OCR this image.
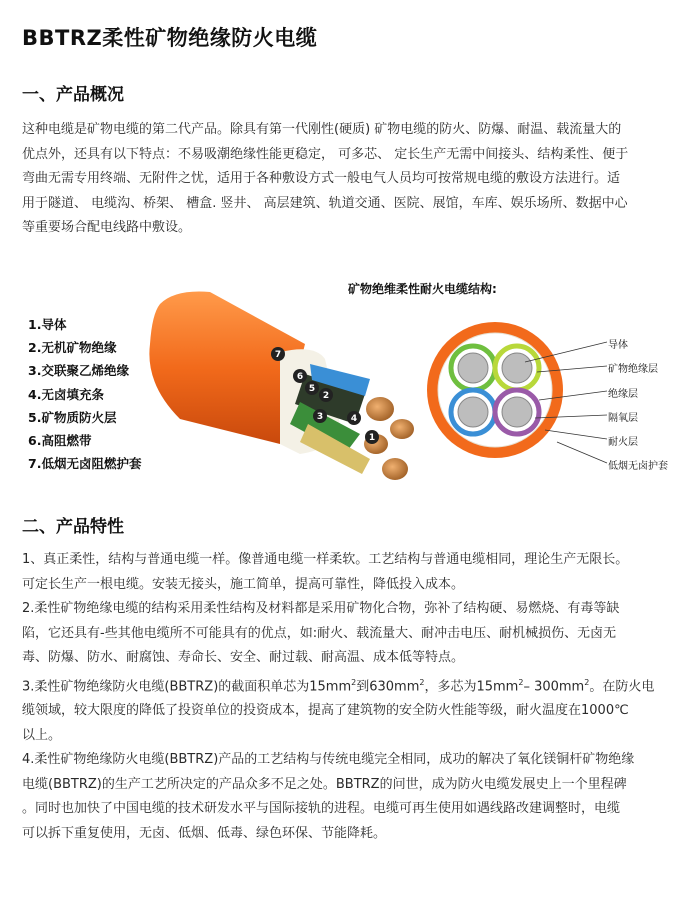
BBTRZ柔性矿物绝缘防火电缆
一、产品概况

这种电缆是矿物电缆的第二代产品。除具有第一代刚性(硬质) 矿物电缆的防火、防爆、耐温、载流量大的

优点外，还具有以下特点：不易吸潮绝缘性能更稳定， 可多芯、 定长生产无需中间接头、结构柔性、便于

弯曲无需专用终端、无附件之忧，适用于各种敷设方式一般电气人员均可按常规电缆的敷设方法进行。适

用于隧道、 电缆沟、桥架、 槽盒. 竖井、 高层建筑、轨道交通、医院、展馆，车库、娱乐场所、数据中心

等重要场合配电线路中敷设。

1.导体
2.无机矿物绝缘
3.交联聚乙烯绝缘
4.无卤填充条
5.矿物质防火层
6.高阻燃带
7.低烟无卤阻燃护套
矿物绝维柔性耐火电缆结构:
7
6
5
2
3	4
1
导体
矿物绝缘层
绝缘层
隔氧层
耐火层
低烟无卤护套
二、产品特性

1、真正柔性，结构与普通电缆一样。像普通电缆一样柔软。工艺结构与普通电缆相同，理论生产无限长。

可定长生产一根电缆。安装无接头，施工简单，提高可靠性，降低投入成本。

2.柔性矿物绝缘电缆的结构采用柔性结构及材料都是采用矿物化合物，弥补了结构硬、易燃烧、有毒等缺

陷，它还具有-些其他电缆所不可能具有的优点，如:耐火、载流量大、耐冲击电压、耐机械损伤、无卤无

毒、防爆、防水、耐腐蚀、寿命长、安全、耐过载、耐高温、成本低等特点。

3.柔性矿物绝缘防火电缆(BBTRZ)的截面积单芯为$15mm^2$到$630mm^2$，多芯为$15mm^2-$ $300mm^2$。在防火电

缆领域，较大限度的降低了投资单位的投资成本，提高了建筑物的安全防火性能等级，耐火温度在1000℃

以上。

4.柔性矿物绝缘防火电缆(BBTRZ)产品的工艺结构与传统电缆完全相同，成功的解决了氧化镁铜杆矿物绝缘

电缆(BBTRZ)的生产工艺所决定的产品众多不足之处。BBTRZ的问世，成为防火电缆发展史上一个里程碑

。同时也加快了中国电缆的技术研发水平与国际接轨的进程。电缆可再生使用如遇线路改建调整时，电缆

可以拆下重复使用，无卤、低烟、低毒、绿色环保、节能降耗。
